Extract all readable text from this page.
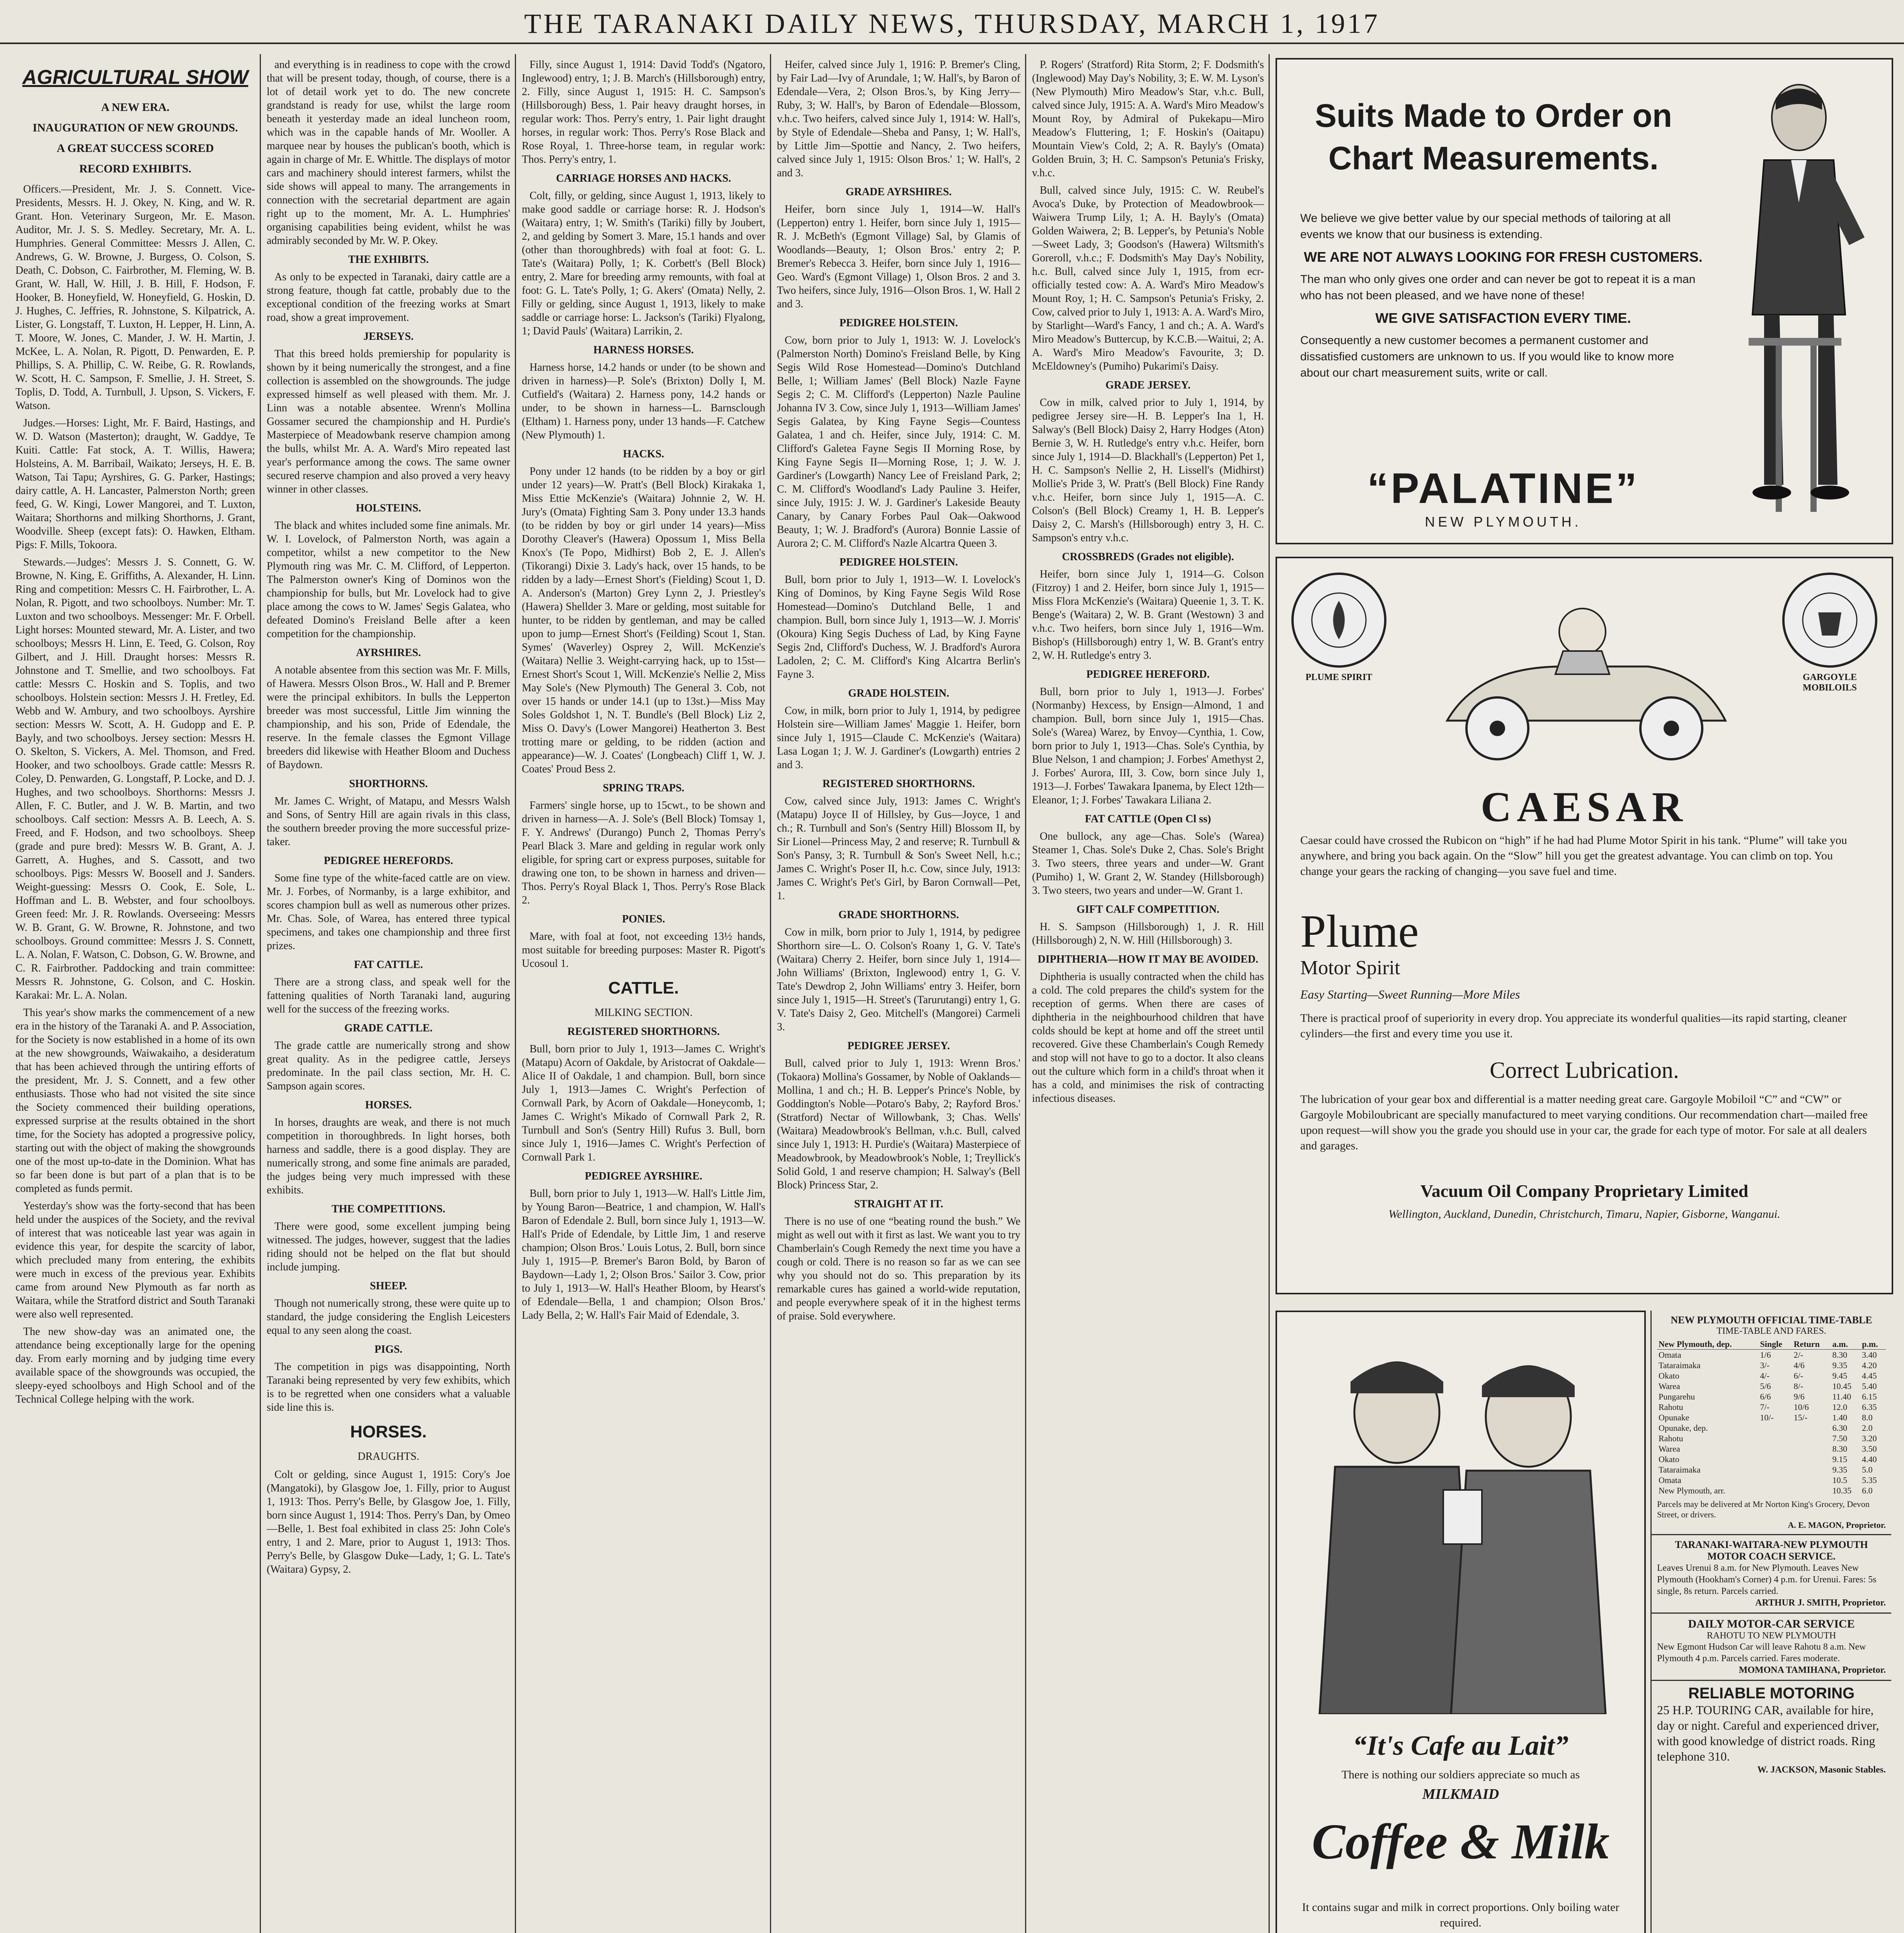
THE TARANAKI DAILY NEWS, THURSDAY, MARCH 1, 1917
AGRICULTURAL SHOW
A NEW ERA.
INAUGURATION OF NEW GROUNDS.
A GREAT SUCCESS SCORED
RECORD EXHIBITS.

Officers.—President, Mr. J. S. Connett. Vice-Presidents, Messrs. H. J. Okey, N. King, and W. R. Grant. Hon. Veterinary Surgeon, Mr. E. Mason. Auditor, Mr. J. S. S. Medley. Secretary, Mr. A. L. Humphries. General Committee: Messrs J. Allen, C. Andrews, G. W. Browne, J. Burgess, O. Colson, S. Death, C. Dobson, C. Fairbrother, M. Fleming, W. B. Grant, W. Hall, W. Hill, J. B. Hill, F. Hodson, F. Hooker, B. Honeyfield, W. Honeyfield, G. Hoskin, D. J. Hughes, C. Jeffries, R. Johnstone, S. Kilpatrick, A. Lister, G. Longstaff, T. Luxton, H. Lepper, H. Linn, A. T. Moore, W. Jones, C. Mander, J. W. H. Martin, J. McKee, L. A. Nolan, R. Pigott, D. Penwarden, E. P. Phillips, S. A. Phillip, C. W. Reibe, G. R. Rowlands, W. Scott, H. C. Sampson, F. Smellie, J. H. Street, S. Toplis, D. Todd, A. Turnbull, J. Upson, S. Vickers, F. Watson.

Judges.—Horses: Light, Mr. F. Baird, Hastings, and W. D. Watson (Masterton); draught, W. Gaddye, Te Kuiti. Cattle: Fat stock, A. T. Willis, Hawera; Holsteins, A. M. Barribail, Waikato; Jerseys, H. E. B. Watson, Tai Tapu; Ayrshires, G. G. Parker, Hastings; dairy cattle, A. H. Lancaster, Palmerston North; green feed, G. W. Kingi, Lower Mangorei, and T. Luxton, Waitara; Shorthorns and milking Shorthorns, J. Grant, Woodville. Sheep (except fats): O. Hawken, Eltham. Pigs: F. Mills, Tokoora.

Stewards.—Judges': Messrs J. S. Connett, G. W. Browne, N. King, E. Griffiths, A. Alexander, H. Linn. Ring and competition: Messrs C. H. Fairbrother, L. A. Nolan, R. Pigott, and two schoolboys. Number: Mr. T. Luxton and two schoolboys. Messenger: Mr. F. Orbell. Light horses: Mounted steward, Mr. A. Lister, and two schoolboys; Messrs H. Linn, E. Teed, G. Colson, Roy Gilbert, and J. Hill. Draught horses: Messrs R. Johnstone and T. Smellie, and two schoolboys. Fat cattle: Messrs C. Hoskin and S. Toplis, and two schoolboys. Holstein section: Messrs J. H. Fretley, Ed. Webb and W. Ambury, and two schoolboys. Ayrshire section: Messrs W. Scott, A. H. Gudopp and E. P. Bayly, and two schoolboys. Jersey section: Messrs H. O. Skelton, S. Vickers, A. Mel. Thomson, and Fred. Hooker, and two schoolboys. Grade cattle: Messrs R. Coley, D. Penwarden, G. Longstaff, P. Locke, and D. J. Hughes, and two schoolboys. Shorthorns: Messrs J. Allen, F. C. Butler, and J. W. B. Martin, and two schoolboys. Calf section: Messrs A. B. Leech, A. S. Freed, and F. Hodson, and two schoolboys. Sheep (grade and pure bred): Messrs W. B. Grant, A. J. Garrett, A. Hughes, and S. Cassott, and two schoolboys. Pigs: Messrs W. Boosell and J. Sanders. Weight-guessing: Messrs O. Cook, E. Sole, L. Hoffman and L. B. Webster, and four schoolboys. Green feed: Mr. J. R. Rowlands. Overseeing: Messrs W. B. Grant, G. W. Browne, R. Johnstone, and two schoolboys. Ground committee: Messrs J. S. Connett, L. A. Nolan, F. Watson, C. Dobson, G. W. Browne, and C. R. Fairbrother. Paddocking and train committee: Messrs R. Johnstone, G. Colson, and C. Hoskin. Karakai: Mr. L. A. Nolan.

This year's show marks the commencement of a new era in the history of the Taranaki A. and P. Association, for the Society is now established in a home of its own at the new showgrounds, Waiwakaiho, a desideratum that has been achieved through the untiring efforts of the president, Mr. J. S. Connett, and a few other enthusiasts. Those who had not visited the site since the Society commenced their building operations, expressed surprise at the results obtained in the short time, for the Society has adopted a progressive policy, starting out with the object of making the showgrounds one of the most up-to-date in the Dominion. What has so far been done is but part of a plan that is to be completed as funds permit.

Yesterday's show was the forty-second that has been held under the auspices of the Society, and the revival of interest that was noticeable last year was again in evidence this year, for despite the scarcity of labor, which precluded many from entering, the exhibits were much in excess of the previous year. Exhibits came from around New Plymouth as far north as Waitara, while the Stratford district and South Taranaki were also well represented.

The new show-day was an animated one, the attendance being exceptionally large for the opening day. From early morning and by judging time every available space of the showgrounds was occupied, the sleepy-eyed schoolboys and High School and of the Technical College helping with the work.

and everything is in readiness to cope with the crowd that will be present today, though, of course, there is a lot of detail work yet to do. The new concrete grandstand is ready for use, whilst the large room beneath it yesterday made an ideal luncheon room, which was in the capable hands of Mr. Wooller. A marquee near by houses the publican's booth, which is again in charge of Mr. E. Whittle. The displays of motor cars and machinery should interest farmers, whilst the side shows will appeal to many. The arrangements in connection with the secretarial department are again right up to the moment, Mr. A. L. Humphries' organising capabilities being evident, whilst he was admirably seconded by Mr. W. P. Okey.

THE EXHIBITS.

As only to be expected in Taranaki, dairy cattle are a strong feature, though fat cattle, probably due to the exceptional condition of the freezing works at Smart road, show a great improvement.

JERSEYS.

That this breed holds premiership for popularity is shown by it being numerically the strongest, and a fine collection is assembled on the showgrounds. The judge expressed himself as well pleased with them. Mr. J. Linn was a notable absentee. Wrenn's Mollina Gossamer secured the championship and H. Purdie's Masterpiece of Meadowbank reserve champion among the bulls, whilst Mr. A. A. Ward's Miro repeated last year's performance among the cows. The same owner secured reserve champion and also proved a very heavy winner in other classes.

HOLSTEINS.

The black and whites included some fine animals. Mr. W. I. Lovelock, of Palmerston North, was again a competitor, whilst a new competitor to the New Plymouth ring was Mr. C. M. Clifford, of Lepperton. The Palmerston owner's King of Dominos won the championship for bulls, but Mr. Lovelock had to give place among the cows to W. James' Segis Galatea, who defeated Domino's Freisland Belle after a keen competition for the championship.

AYRSHIRES.

A notable absentee from this section was Mr. F. Mills, of Hawera. Messrs Olson Bros., W. Hall and P. Bremer were the principal exhibitors. In bulls the Lepperton breeder was most successful, Little Jim winning the championship, and his son, Pride of Edendale, the reserve. In the female classes the Egmont Village breeders did likewise with Heather Bloom and Duchess of Baydown.

SHORTHORNS.

Mr. James C. Wright, of Matapu, and Messrs Walsh and Sons, of Sentry Hill are again rivals in this class, the southern breeder proving the more successful prize-taker.

PEDIGREE HEREFORDS.

Some fine type of the white-faced cattle are on view. Mr. J. Forbes, of Normanby, is a large exhibitor, and scores champion bull as well as numerous other prizes. Mr. Chas. Sole, of Warea, has entered three typical specimens, and takes one championship and three first prizes.

FAT CATTLE.

There are a strong class, and speak well for the fattening qualities of North Taranaki land, auguring well for the success of the freezing works.

GRADE CATTLE.

The grade cattle are numerically strong and show great quality. As in the pedigree cattle, Jerseys predominate. In the pail class section, Mr. H. C. Sampson again scores.

HORSES.

In horses, draughts are weak, and there is not much competition in thoroughbreds. In light horses, both harness and saddle, there is a good display. They are numerically strong, and some fine animals are paraded, the judges being very much impressed with these exhibits.

THE COMPETITIONS.

There were good, some excellent jumping being witnessed. The judges, however, suggest that the ladies riding should not be helped on the flat but should include jumping.

SHEEP.

Though not numerically strong, these were quite up to standard, the judge considering the English Leicesters equal to any seen along the coast.

PIGS.

The competition in pigs was disappointing, North Taranaki being represented by very few exhibits, which is to be regretted when one considers what a valuable side line this is.

HORSES.
DRAUGHTS.

Colt or gelding, since August 1, 1915: Cory's Joe (Mangatoki), by Glasgow Joe, 1. Filly, prior to August 1, 1913: Thos. Perry's Belle, by Glasgow Joe, 1. Filly, born since August 1, 1914: Thos. Perry's Dan, by Omeo—Belle, 1. Best foal exhibited in class 25: John Cole's entry, 1 and 2. Mare, prior to August 1, 1913: Thos. Perry's Belle, by Glasgow Duke—Lady, 1; G. L. Tate's (Waitara) Gypsy, 2.

Filly, since August 1, 1914: David Todd's (Ngatoro, Inglewood) entry, 1; J. B. March's (Hillsborough) entry, 2. Filly, since August 1, 1915: H. C. Sampson's (Hillsborough) Bess, 1. Pair heavy draught horses, in regular work: Thos. Perry's entry, 1. Pair light draught horses, in regular work: Thos. Perry's Rose Black and Rose Royal, 1. Three-horse team, in regular work: Thos. Perry's entry, 1.

CARRIAGE HORSES AND HACKS.

Colt, filly, or gelding, since August 1, 1913, likely to make good saddle or carriage horse: R. J. Hodson's (Waitara) entry, 1; W. Smith's (Tariki) filly by Joubert, 2, and gelding by Somert 3. Mare, 15.1 hands and over (other than thoroughbreds) with foal at foot: G. L. Tate's (Waitara) Polly, 1; K. Corbett's (Bell Block) entry, 2. Mare for breeding army remounts, with foal at foot: G. L. Tate's Polly, 1; G. Akers' (Omata) Nelly, 2. Filly or gelding, since August 1, 1913, likely to make saddle or carriage horse: L. Jackson's (Tariki) Flyalong, 1; David Pauls' (Waitara) Larrikin, 2.

HARNESS HORSES.

Harness horse, 14.2 hands or under (to be shown and driven in harness)—P. Sole's (Brixton) Dolly I, M. Cutfield's (Waitara) 2. Harness pony, 14.2 hands or under, to be shown in harness—L. Barnsclough (Eltham) 1. Harness pony, under 13 hands—F. Catchew (New Plymouth) 1.

HACKS.

Pony under 12 hands (to be ridden by a boy or girl under 12 years)—W. Pratt's (Bell Block) Kirakaka 1, Miss Ettie McKenzie's (Waitara) Johnnie 2, W. H. Jury's (Omata) Fighting Sam 3. Pony under 13.3 hands (to be ridden by boy or girl under 14 years)—Miss Dorothy Cleaver's (Hawera) Opossum 1, Miss Bella Knox's (Te Popo, Midhirst) Bob 2, E. J. Allen's (Tikorangi) Dixie 3. Lady's hack, over 15 hands, to be ridden by a lady—Ernest Short's (Fielding) Scout 1, D. A. Anderson's (Marton) Grey Lynn 2, J. Priestley's (Hawera) Shellder 3. Mare or gelding, most suitable for hunter, to be ridden by gentleman, and may be called upon to jump—Ernest Short's (Feilding) Scout 1, Stan. Symes' (Waverley) Osprey 2, Will. McKenzie's (Waitara) Nellie 3. Weight-carrying hack, up to 15st—Ernest Short's Scout 1, Will. McKenzie's Nellie 2, Miss May Sole's (New Plymouth) The General 3. Cob, not over 15 hands or under 14.1 (up to 13st.)—Miss May Soles Goldshot 1, N. T. Bundle's (Bell Block) Liz 2, Miss O. Davy's (Lower Mangorei) Heatherton 3. Best trotting mare or gelding, to be ridden (action and appearance)—W. J. Coates' (Longbeach) Cliff 1, W. J. Coates' Proud Bess 2.

SPRING TRAPS.

Farmers' single horse, up to 15cwt., to be shown and driven in harness—A. J. Sole's (Bell Block) Tomsay 1, F. Y. Andrews' (Durango) Punch 2, Thomas Perry's Pearl Black 3. Mare and gelding in regular work only eligible, for spring cart or express purposes, suitable for drawing one ton, to be shown in harness and driven—Thos. Perry's Royal Black 1, Thos. Perry's Rose Black 2.

PONIES.

Mare, with foal at foot, not exceeding 13½ hands, most suitable for breeding purposes: Master R. Pigott's Ucosoul 1.

CATTLE.
MILKING SECTION.
REGISTERED SHORTHORNS.

Bull, born prior to July 1, 1913—James C. Wright's (Matapu) Acorn of Oakdale, by Aristocrat of Oakdale—Alice II of Oakdale, 1 and champion. Bull, born since July 1, 1913—James C. Wright's Perfection of Cornwall Park, by Acorn of Oakdale—Honeycomb, 1; James C. Wright's Mikado of Cornwall Park 2, R. Turnbull and Son's (Sentry Hill) Rufus 3. Bull, born since July 1, 1916—James C. Wright's Perfection of Cornwall Park 1.

PEDIGREE AYRSHIRE.

Bull, born prior to July 1, 1913—W. Hall's Little Jim, by Young Baron—Beatrice, 1 and champion, W. Hall's Baron of Edendale 2. Bull, born since July 1, 1913—W. Hall's Pride of Edendale, by Little Jim, 1 and reserve champion; Olson Bros.' Louis Lotus, 2. Bull, born since July 1, 1915—P. Bremer's Baron Bold, by Baron of Baydown—Lady 1, 2; Olson Bros.' Sailor 3. Cow, prior to July 1, 1913—W. Hall's Heather Bloom, by Hearst's of Edendale—Bella, 1 and champion; Olson Bros.' Lady Bella, 2; W. Hall's Fair Maid of Edendale, 3.

Heifer, calved since July 1, 1916: P. Bremer's Cling, by Fair Lad—Ivy of Arundale, 1; W. Hall's, by Baron of Edendale—Vera, 2; Olson Bros.'s, by King Jerry—Ruby, 3; W. Hall's, by Baron of Edendale—Blossom, v.h.c. Two heifers, calved since July 1, 1914: W. Hall's, by Style of Edendale—Sheba and Pansy, 1; W. Hall's, by Little Jim—Spottie and Nancy, 2. Two heifers, calved since July 1, 1915: Olson Bros.' 1; W. Hall's, 2 and 3.

GRADE AYRSHIRES.

Heifer, born since July 1, 1914—W. Hall's (Lepperton) entry 1. Heifer, born since July 1, 1915—R. J. McBeth's (Egmont Village) Sal, by Glamis of Woodlands—Beauty, 1; Olson Bros.' entry 2; P. Bremer's Rebecca 3. Heifer, born since July 1, 1916—Geo. Ward's (Egmont Village) 1, Olson Bros. 2 and 3. Two heifers, since July, 1916—Olson Bros. 1, W. Hall 2 and 3.

PEDIGREE HOLSTEIN.

Cow, born prior to July 1, 1913: W. J. Lovelock's (Palmerston North) Domino's Freisland Belle, by King Segis Wild Rose Homestead—Domino's Dutchland Belle, 1; William James' (Bell Block) Nazle Fayne Segis 2; C. M. Clifford's (Lepperton) Nazle Pauline Johanna IV 3. Cow, since July 1, 1913—William James' Segis Galatea, by King Fayne Segis—Countess Galatea, 1 and ch. Heifer, since July, 1914: C. M. Clifford's Galetea Fayne Segis II Morning Rose, by King Fayne Segis II—Morning Rose, 1; J. W. J. Gardiner's (Lowgarth) Nancy Lee of Freisland Park, 2; C. M. Clifford's Woodland's Lady Pauline 3. Heifer, since July, 1915: J. W. J. Gardiner's Lakeside Beauty Canary, by Canary Forbes Paul Oak—Oakwood Beauty, 1; W. J. Bradford's (Aurora) Bonnie Lassie of Aurora 2; C. M. Clifford's Nazle Alcartra Queen 3.

PEDIGREE HOLSTEIN.

Bull, born prior to July 1, 1913—W. I. Lovelock's King of Dominos, by King Fayne Segis Wild Rose Homestead—Domino's Dutchland Belle, 1 and champion. Bull, born since July 1, 1913—W. J. Morris' (Okoura) King Segis Duchess of Lad, by King Fayne Segis 2nd, Clifford's Duchess, W. J. Bradford's Aurora Ladolen, 2; C. M. Clifford's King Alcartra Berlin's Fayne 3.

GRADE HOLSTEIN.

Cow, in milk, born prior to July 1, 1914, by pedigree Holstein sire—William James' Maggie 1. Heifer, born since July 1, 1915—Claude C. McKenzie's (Waitara) Lasa Logan 1; J. W. J. Gardiner's (Lowgarth) entries 2 and 3.

REGISTERED SHORTHORNS.

Cow, calved since July, 1913: James C. Wright's (Matapu) Joyce II of Hillsley, by Gus—Joyce, 1 and ch.; R. Turnbull and Son's (Sentry Hill) Blossom II, by Sir Lionel—Princess May, 2 and reserve; R. Turnbull & Son's Pansy, 3; R. Turnbull & Son's Sweet Nell, h.c.; James C. Wright's Poser II, h.c. Cow, since July, 1913: James C. Wright's Pet's Girl, by Baron Cornwall—Pet, 1.

GRADE SHORTHORNS.

Cow in milk, born prior to July 1, 1914, by pedigree Shorthorn sire—L. O. Colson's Roany 1, G. V. Tate's (Waitara) Cherry 2. Heifer, born since July 1, 1914—John Williams' (Brixton, Inglewood) entry 1, G. V. Tate's Dewdrop 2, John Williams' entry 3. Heifer, born since July 1, 1915—H. Street's (Tarurutangi) entry 1, G. V. Tate's Daisy 2, Geo. Mitchell's (Mangorei) Carmeli 3.

PEDIGREE JERSEY.

Bull, calved prior to July 1, 1913: Wrenn Bros.' (Tokaora) Mollina's Gossamer, by Noble of Oaklands—Mollina, 1 and ch.; H. B. Lepper's Prince's Noble, by Goddington's Noble—Potaro's Baby, 2; Rayford Bros.' (Stratford) Nectar of Willowbank, 3; Chas. Wells' (Waitara) Meadowbrook's Bellman, v.h.c. Bull, calved since July 1, 1913: H. Purdie's (Waitara) Masterpiece of Meadowbrook, by Meadowbrook's Noble, 1; Treyllick's Solid Gold, 1 and reserve champion; H. Salway's (Bell Block) Princess Star, 2.

STRAIGHT AT IT.

There is no use of one “beating round the bush.” We might as well out with it first as last. We want you to try Chamberlain's Cough Remedy the next time you have a cough or cold. There is no reason so far as we can see why you should not do so. This preparation by its remarkable cures has gained a world-wide reputation, and people everywhere speak of it in the highest terms of praise. Sold everywhere.

P. Rogers' (Stratford) Rita Storm, 2; F. Dodsmith's (Inglewood) May Day's Nobility, 3; E. W. M. Lyson's (New Plymouth) Miro Meadow's Star, v.h.c. Bull, calved since July, 1915: A. A. Ward's Miro Meadow's Mount Roy, by Admiral of Pukekapu—Miro Meadow's Fluttering, 1; F. Hoskin's (Oaitapu) Mountain View's Cold, 2; A. R. Bayly's (Omata) Golden Bruin, 3; H. C. Sampson's Petunia's Frisky, v.h.c.

Bull, calved since July, 1915: C. W. Reubel's Avoca's Duke, by Protection of Meadowbrook—Waiwera Trump Lily, 1; A. H. Bayly's (Omata) Golden Waiwera, 2; B. Lepper's, by Petunia's Noble—Sweet Lady, 3; Goodson's (Hawera) Wiltsmith's Goreroll, v.h.c.; F. Dodsmith's May Day's Nobility, h.c. Bull, calved since July 1, 1915, from ecr-officially tested cow: A. A. Ward's Miro Meadow's Mount Roy, 1; H. C. Sampson's Petunia's Frisky, 2. Cow, calved prior to July 1, 1913: A. A. Ward's Miro, by Starlight—Ward's Fancy, 1 and ch.; A. A. Ward's Miro Meadow's Buttercup, by K.C.B.—Waitui, 2; A. A. Ward's Miro Meadow's Favourite, 3; D. McEldowney's (Pumiho) Pukarimi's Daisy.

GRADE JERSEY.

Cow in milk, calved prior to July 1, 1914, by pedigree Jersey sire—H. B. Lepper's Ina 1, H. Salway's (Bell Block) Daisy 2, Harry Hodges (Aton) Bernie 3, W. H. Rutledge's entry v.h.c. Heifer, born since July 1, 1914—D. Blackhall's (Lepperton) Pet 1, H. C. Sampson's Nellie 2, H. Lissell's (Midhirst) Mollie's Pride 3, W. Pratt's (Bell Block) Fine Randy v.h.c. Heifer, born since July 1, 1915—A. C. Colson's (Bell Block) Creamy 1, H. B. Lepper's Daisy 2, C. Marsh's (Hillsborough) entry 3, H. C. Sampson's entry v.h.c.

CROSSBREDS (Grades not eligible).

Heifer, born since July 1, 1914—G. Colson (Fitzroy) 1 and 2. Heifer, born since July 1, 1915—Miss Flora McKenzie's (Waitara) Queenie 1, 3. T. K. Benge's (Waitara) 2, W. B. Grant (Westown) 3 and v.h.c. Two heifers, born since July 1, 1916—Wm. Bishop's (Hillsborough) entry 1, W. B. Grant's entry 2, W. H. Rutledge's entry 3.

PEDIGREE HEREFORD.

Bull, born prior to July 1, 1913—J. Forbes' (Normanby) Hexcess, by Ensign—Almond, 1 and champion. Bull, born since July 1, 1915—Chas. Sole's (Warea) Warez, by Envoy—Cynthia, 1. Cow, born prior to July 1, 1913—Chas. Sole's Cynthia, by Blue Nelson, 1 and champion; J. Forbes' Amethyst 2, J. Forbes' Aurora, III, 3. Cow, born since July 1, 1913—J. Forbes' Tawakara Ipanema, by Elect 12th—Eleanor, 1; J. Forbes' Tawakara Liliana 2.

FAT CATTLE (Open Cl ss)

One bullock, any age—Chas. Sole's (Warea) Steamer 1, Chas. Sole's Duke 2, Chas. Sole's Bright 3. Two steers, three years and under—W. Grant (Pumiho) 1, W. Grant 2, W. Standey (Hillsborough) 3. Two steers, two years and under—W. Grant 1.

GIFT CALF COMPETITION.

H. S. Sampson (Hillsborough) 1, J. R. Hill (Hillsborough) 2, N. W. Hill (Hillsborough) 3.

DIPHTHERIA—HOW IT MAY BE AVOIDED.

Diphtheria is usually contracted when the child has a cold. The cold prepares the child's system for the reception of germs. When there are cases of diphtheria in the neighbourhood children that have colds should be kept at home and off the street until recovered. Give these Chamberlain's Cough Remedy and stop will not have to go to a doctor. It also cleans out the culture which form in a child's throat when it has a cold, and minimises the risk of contracting infectious diseases.

Suits Made to Order on Chart Measurements.

We believe we give better value by our special methods of tailoring at all events we know that our business is extending.

WE ARE NOT ALWAYS LOOKING FOR FRESH CUSTOMERS.

The man who only gives one order and can never be got to repeat it is a man who has not been pleased, and we have none of these!

WE GIVE SATISFACTION EVERY TIME.

Consequently a new customer becomes a permanent customer and dissatisfied customers are unknown to us. If you would like to know more about our chart measurement suits, write or call.

“PALATINE”
NEW PLYMOUTH.
PLUME SPIRIT	GARGOYLE MOBILOILS
CAESAR
Caesar could have crossed the Rubicon on “high” if he had had Plume Motor Spirit in his tank. “Plume” will take you anywhere, and bring you back again. On the “Slow” hill you get the greatest advantage. You can climb on top. You change your gears the racking of changing—you save fuel and time.
Plume
Motor Spirit
Easy Starting—Sweet Running—More Miles
There is practical proof of superiority in every drop. You appreciate its wonderful qualities—its rapid starting, cleaner cylinders—the first and every time you use it.
Correct Lubrication.
The lubrication of your gear box and differential is a matter needing great care. Gargoyle Mobiloil “C” and “CW” or Gargoyle Mobiloubricant are specially manufactured to meet varying conditions. Our recommendation chart—mailed free upon request—will show you the grade you should use in your car, the grade for each type of motor. For sale at all dealers and garages.
Vacuum Oil Company Proprietary Limited
Wellington, Auckland, Dunedin, Christchurch, Timaru, Napier, Gisborne, Wanganui.
“It's Cafe au Lait”
There is nothing our soldiers appreciate so much as
MILKMAID
Coffee & Milk
It contains sugar and milk in correct proportions. Only boiling water required.
NEW PLYMOUTH OFFICIAL TIME-TABLE
TIME-TABLE AND FARES.
New Plymouth, dep.	Single	Return	a.m.	p.m.
Omata	1/6	2/-	8.30	3.40
Tataraimaka	3/-	4/6	9.35	4.20
Okato	4/-	6/-	9.45	4.45
Warea	5/6	8/-	10.45	5.40
Pungarehu	6/6	9/6	11.40	6.15
Rahotu	7/-	10/6	12.0	6.35
Opunake	10/-	15/-	1.40	8.0
Opunake, dep.			6.30	2.0
Rahotu			7.50	3.20
Warea			8.30	3.50
Okato			9.15	4.40
Tataraimaka			9.35	5.0
Omata			10.5	5.35
New Plymouth, arr.			10.35	6.0
Parcels may be delivered at Mr Norton King's Grocery, Devon Street, or drivers.
A. E. MAGON, Proprietor.
TARANAKI-WAITARA-NEW PLYMOUTH MOTOR COACH SERVICE.
Leaves Urenui 8 a.m. for New Plymouth. Leaves New Plymouth (Hookham's Corner) 4 p.m. for Urenui. Fares: 5s single, 8s return. Parcels carried.
ARTHUR J. SMITH, Proprietor.
DAILY MOTOR-CAR SERVICE
RAHOTU TO NEW PLYMOUTH
New Egmont Hudson Car will leave Rahotu 8 a.m. New Plymouth 4 p.m. Parcels carried. Fares moderate.
MOMONA TAMIHANA, Proprietor.
RELIABLE MOTORING
25 H.P. TOURING CAR, available for hire, day or night. Careful and experienced driver, with good knowledge of district roads. Ring telephone 310.
W. JACKSON, Masonic Stables.
